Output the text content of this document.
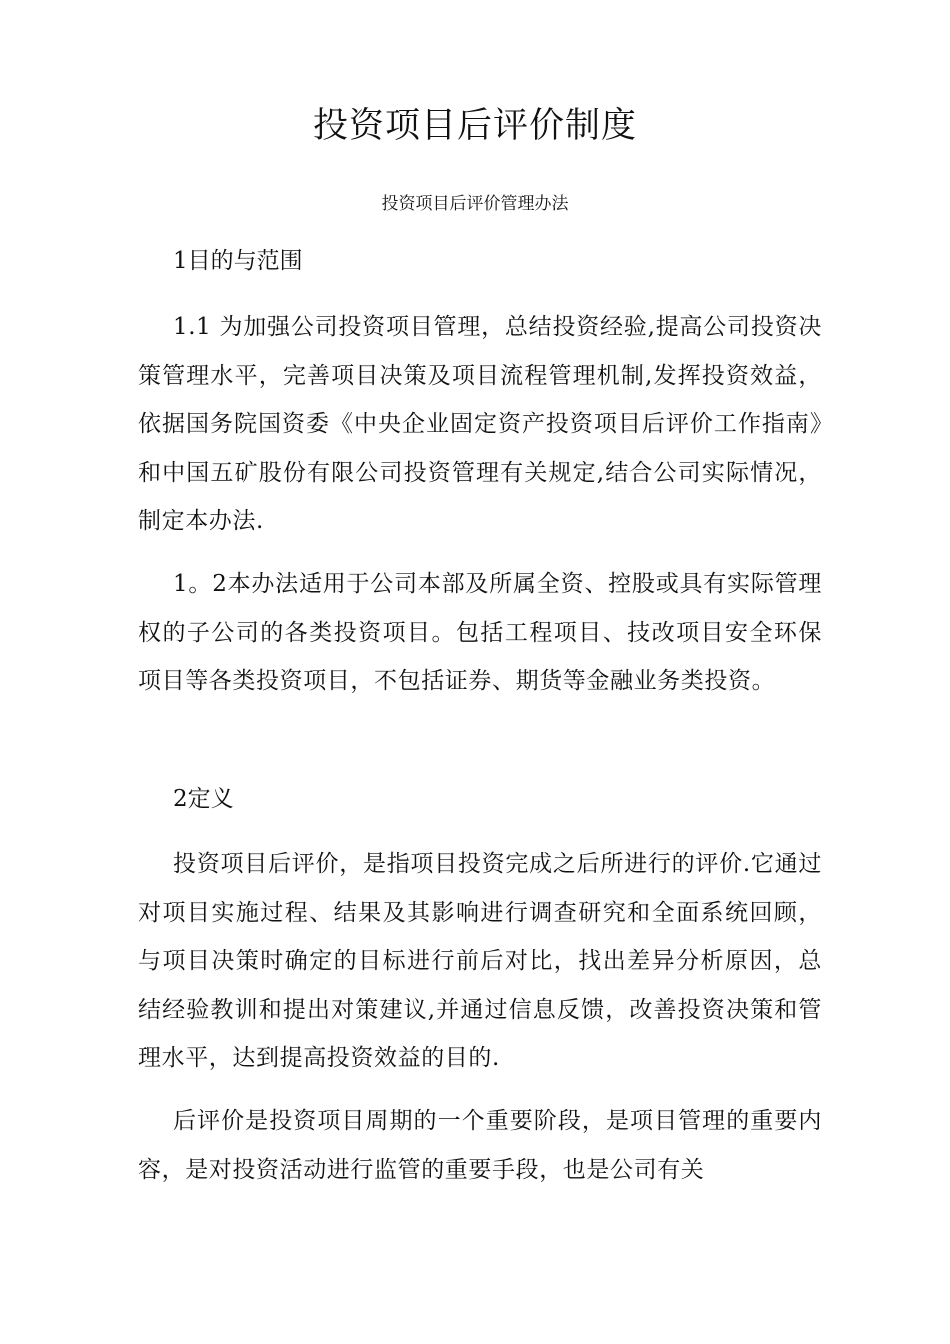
投资项目后评价制度
投资项目后评价管理办法
1目的与范围
1.1 为加强公司投资项目管理，总结投资经验,提高公司投资决策管理水平，完善项目决策及项目流程管理机制,发挥投资效益，依据国务院国资委《中央企业固定资产投资项目后评价工作指南》和中国五矿股份有限公司投资管理有关规定,结合公司实际情况，制定本办法.
1。2本办法适用于公司本部及所属全资、控股或具有实际管理权的子公司的各类投资项目。包括工程项目、技改项目安全环保项目等各类投资项目，不包括证券、期货等金融业务类投资。
2定义
投资项目后评价，是指项目投资完成之后所进行的评价.它通过对项目实施过程、结果及其影响进行调查研究和全面系统回顾，与项目决策时确定的目标进行前后对比，找出差异分析原因，总结经验教训和提出对策建议,并通过信息反馈，改善投资决策和管理水平，达到提高投资效益的目的.
后评价是投资项目周期的一个重要阶段，是项目管理的重要内容，是对投资活动进行监管的重要手段，也是公司有关
